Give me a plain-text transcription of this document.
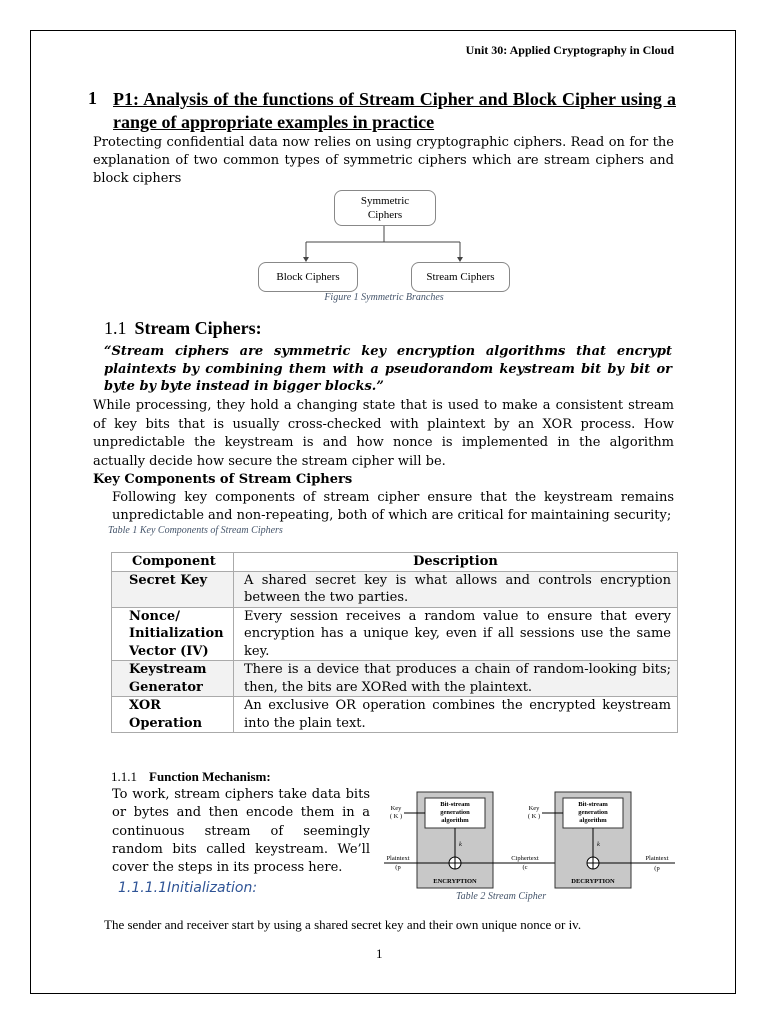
Unit 30: Applied Cryptography in Cloud
1 P1: Analysis of the functions of Stream Cipher and Block Cipher using a range of appropriate examples in practice
Protecting confidential data now relies on using cryptographic ciphers. Read on for the explanation of two common types of symmetric ciphers which are stream ciphers and block ciphers
Symmetric
Ciphers
Block Ciphers	Stream Ciphers
Figure 1 Symmetric Branches
1.1 Stream Ciphers:
“Stream ciphers are symmetric key encryption algorithms that encrypt plaintexts by combining them with a pseudorandom keystream bit by bit or byte by byte instead in bigger blocks.”
While processing, they hold a changing state that is used to make a consistent stream of key bits that is usually cross-checked with plaintext by an XOR process. How unpredictable the keystream is and how nonce is implemented in the algorithm actually decide how secure the stream cipher will be.
Key Components of Stream Ciphers
Following key components of stream cipher ensure that the keystream remains unpredictable and non-repeating, both of which are critical for maintaining security;
Table 1 Key Components of Stream Ciphers
Component	Description
Secret Key	A shared secret key is what allows and controls encryption between the two parties.
Nonce/ Initialization Vector (IV)	Every session receives a random value to ensure that every encryption has a unique key, even if all sessions use the same key.
Keystream Generator	There is a device that produces a chain of random-looking bits; then, the bits are XORed with the plaintext.
XOR Operation	An exclusive OR operation combines the encrypted keystream into the plain text.
1.1.1 Function Mechanism:
To work, stream ciphers take data bits or bytes and then encode them in a continuous stream of seemingly random bits called keystream. We’ll cover the steps in its process here.
1.1.1.1Initialization:
Bit-stream
generation
algorithm
k
ENCRYPTION
Key
( K )
Plaintext
(p
Ciphertext
(c
Bit-stream
generation
algorithm
k
DECRYPTION
Key
( K )
Plaintext
(p
Table 2 Stream Cipher
The sender and receiver start by using a shared secret key and their own unique nonce or iv.
1
